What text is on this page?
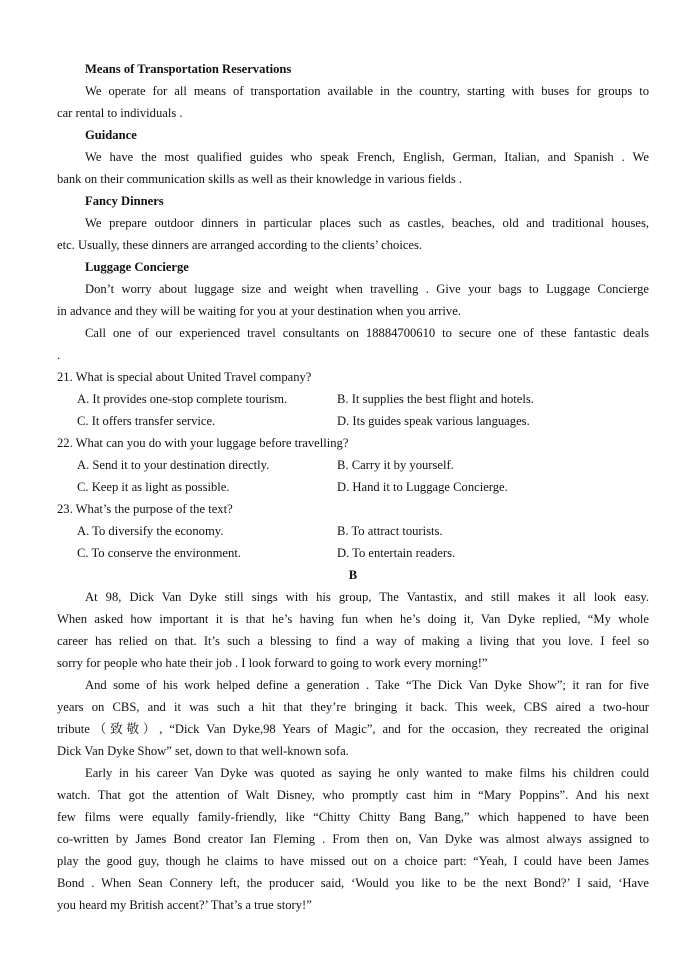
Means of Transportation Reservations
We operate for all means of transportation available in the country, starting with buses for groups to
car rental to individuals .
Guidance
We have the most qualified guides who speak French, English, German, Italian, and Spanish . We
bank on their communication skills as well as their knowledge in various fields .
Fancy Dinners
We prepare outdoor dinners in particular places such as castles, beaches, old and traditional houses,
etc. Usually, these dinners are arranged according to the clients’ choices.
Luggage Concierge
Don’t worry about luggage size and weight when travelling . Give your bags to Luggage Concierge
in advance and they will be waiting for you at your destination when you arrive.
Call one of our experienced travel consultants on 18884700610 to secure one of these fantastic deals
.
21. What is special about United Travel company?
A. It provides one-stop complete tourism.	B. It supplies the best flight and hotels.
C. It offers transfer service.	D. Its guides speak various languages.
22. What can you do with your luggage before travelling?
A. Send it to your destination directly.	B. Carry it by yourself.
C. Keep it as light as possible.	D. Hand it to Luggage Concierge.
23. What’s the purpose of the text?
A. To diversify the economy.	B. To attract tourists.
C. To conserve the environment.	D. To entertain readers.
B
At 98, Dick Van Dyke still sings with his group, The Vantastix, and still makes it all look easy.
When asked how important it is that he’s having fun when he’s doing it, Van Dyke replied, “My whole
career has relied on that. It’s such a blessing to find a way of making a living that you love. I feel so
sorry for people who hate their job . I look forward to going to work every morning!”
And some of his work helped define a generation . Take “The Dick Van Dyke Show”; it ran for five
years on CBS, and it was such a hit that they’re bringing it back. This week, CBS aired a two-hour
tribute（致敬）, “Dick Van Dyke,98 Years of Magic”, and for the occasion, they recreated the original
Dick Van Dyke Show” set, down to that well-known sofa.
Early in his career Van Dyke was quoted as saying he only wanted to make films his children could
watch. That got the attention of Walt Disney, who promptly cast him in “Mary Poppins”. And his next
few films were equally family-friendly, like “Chitty Chitty Bang Bang,” which happened to have been
co-written by James Bond creator Ian Fleming . From then on, Van Dyke was almost always assigned to
play the good guy, though he claims to have missed out on a choice part: “Yeah, I could have been James
Bond . When Sean Connery left, the producer said, ‘Would you like to be the next Bond?’ I said, ‘Have
you heard my British accent?’ That’s a true story!”
